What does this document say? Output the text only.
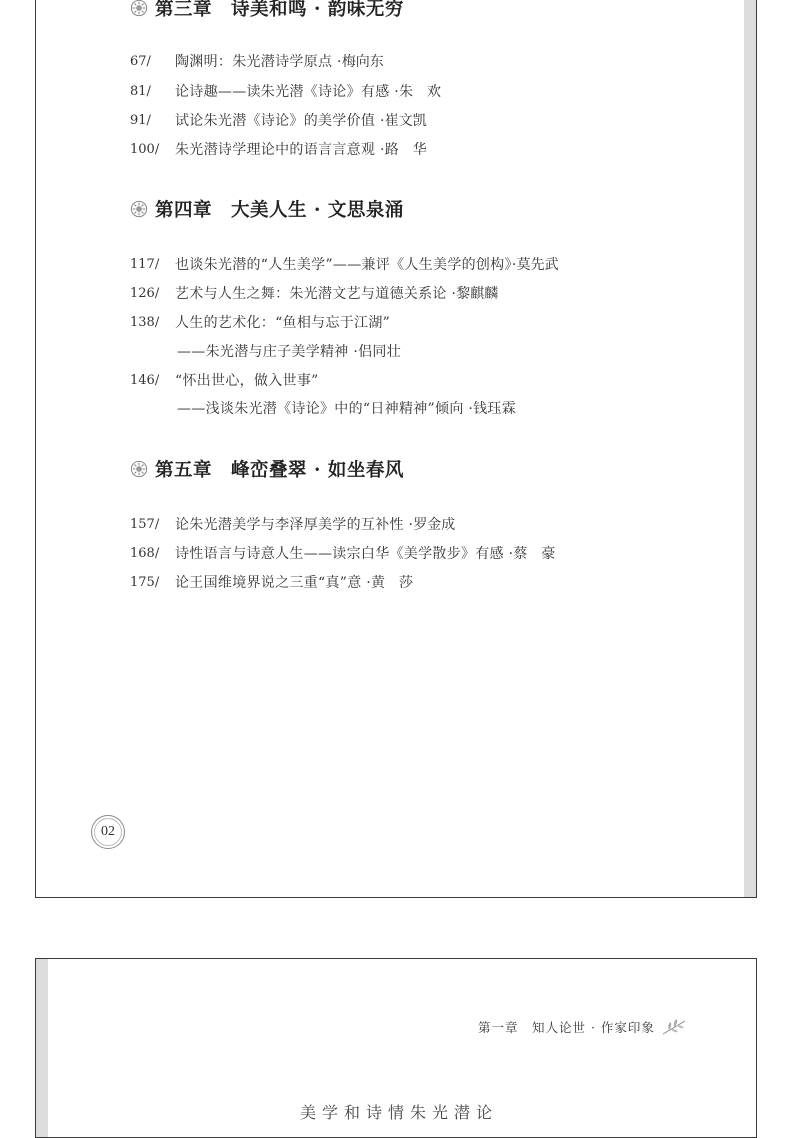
第三章　诗美和鸣 · 韵味无穷
67/	陶渊明：朱光潜诗学原点 · 梅向东
81/	论诗趣——读朱光潜《诗论》有感 · 朱　欢
91/	试论朱光潜《诗论》的美学价值 · 崔文凯
100/	朱光潜诗学理论中的语言言意观 · 路　华
第四章　大美人生 · 文思泉涌
117/	也谈朱光潜的“人生美学”——兼评《人生美学的创构》· 莫先武
126/	艺术与人生之舞：朱光潜文艺与道德关系论 · 黎麒麟
138/	人生的艺术化：“鱼相与忘于江湖”
——朱光潜与庄子美学精神 · 侣同壮
146/	“怀出世心，做入世事”
——浅谈朱光潜《诗论》中的“日神精神”倾向 · 钱珏霖
第五章　峰峦叠翠 · 如坐春风
157/	论朱光潜美学与李泽厚美学的互补性 · 罗金成
168/	诗性语言与诗意人生——读宗白华《美学散步》有感 · 蔡　豪
175/	论王国维境界说之三重“真”意 · 黄　莎
02
第一章　知人论世 · 作家印象
美学和诗情朱光潜论
